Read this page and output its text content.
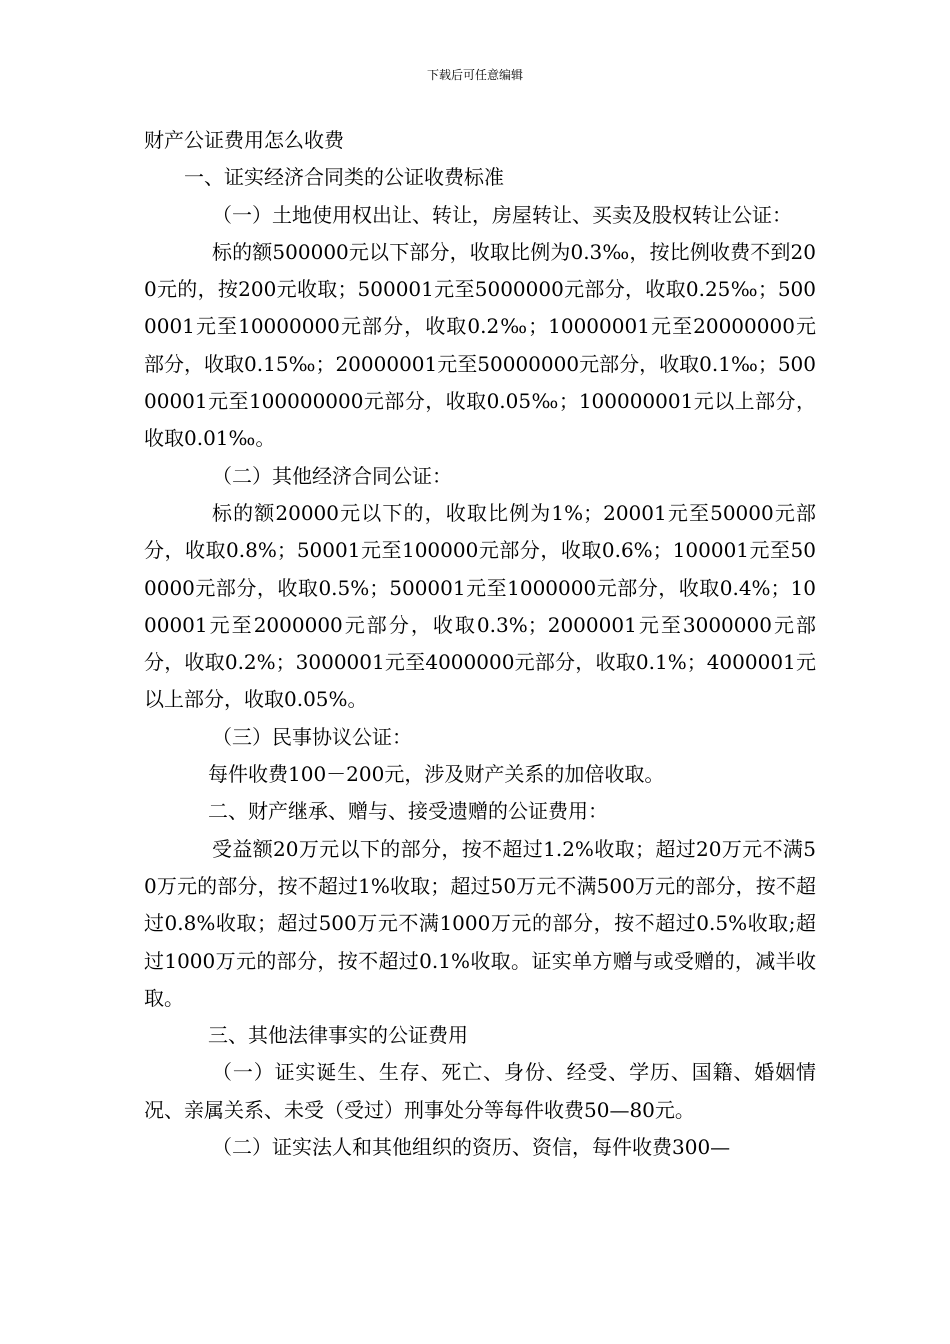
下载后可任意编辑

财产公证费用怎么收费

一、证实经济合同类的公证收费标准

（一）土地使用权出让、转让，房屋转让、买卖及股权转让公证：

标的额500000元以下部分，收取比例为0.3‰，按比例收费不到200元的，按200元收取；500001元至5000000元部分，收取0.25‰；5000001元至10000000元部分，收取0.2‰；10000001元至20000000元部分，收取0.15‰；20000001元至50000000元部分，收取0.1‰；50000001元至100000000元部分，收取0.05‰；100000001元以上部分，收取0.01‰。

（二）其他经济合同公证：

标的额20000元以下的，收取比例为1%；20001元至50000元部分，收取0.8%；50001元至100000元部分，收取0.6%；100001元至500000元部分，收取0.5%；500001元至1000000元部分，收取0.4%；1000001元至2000000元部分，收取0.3%；2000001元至3000000元部分，收取0.2%；3000001元至4000000元部分，收取0.1%；4000001元以上部分，收取0.05%。

（三）民事协议公证：

每件收费100－200元，涉及财产关系的加倍收取。

二、财产继承、赠与、接受遗赠的公证费用：

受益额20万元以下的部分，按不超过1.2%收取；超过20万元不满50万元的部分，按不超过1%收取；超过50万元不满500万元的部分，按不超过0.8%收取；超过500万元不满1000万元的部分，按不超过0.5%收取;超过1000万元的部分，按不超过0.1%收取。证实单方赠与或受赠的，减半收取。

三、其他法律事实的公证费用

（一）证实诞生、生存、死亡、身份、经受、学历、国籍、婚姻情况、亲属关系、未受（受过）刑事处分等每件收费50—80元。

（二）证实法人和其他组织的资历、资信，每件收费300—
